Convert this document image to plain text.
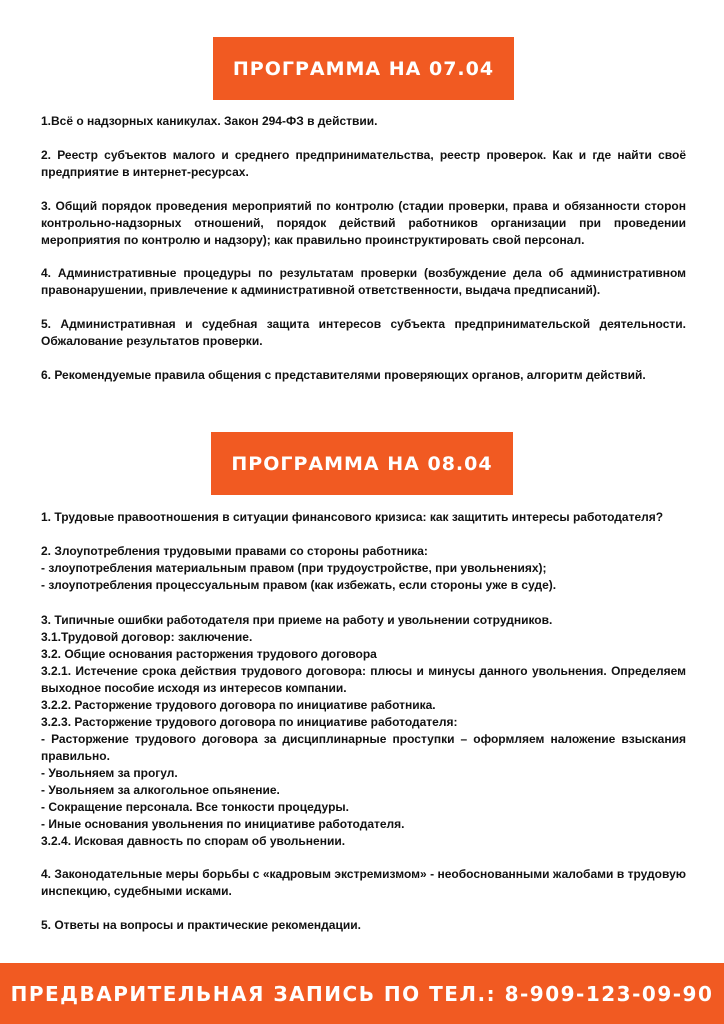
ПРОГРАММА НА 07.04

1.Всё о надзорных каникулах. Закон 294-ФЗ в действии.

2. Реестр субъектов малого и среднего предпринимательства, реестр проверок. Как и где найти своё предприятие в интернет-ресурсах.

3. Общий порядок проведения мероприятий по контролю (стадии проверки, права и обязанности сторон контрольно-надзорных отношений, порядок действий работников организации при проведении мероприятия по контролю и надзору); как правильно проинструктировать свой персонал.

4. Административные процедуры по результатам проверки (возбуждение дела об административном правонарушении, привлечение к административной ответственности, выдача предписаний).

5. Административная и судебная защита интересов субъекта предпринимательской деятельности. Обжалование результатов проверки.

6. Рекомендуемые правила общения с представителями проверяющих органов, алгоритм действий.

ПРОГРАММА НА 08.04

1. Трудовые правоотношения в ситуации финансового кризиса: как защитить интересы работодателя?

2. Злоупотребления трудовыми правами со стороны работника:

- злоупотребления материальным правом (при трудоустройстве, при увольнениях);

- злоупотребления процессуальным правом (как избежать, если стороны уже в суде).

3. Типичные ошибки работодателя при приеме на работу и увольнении сотрудников.

3.1.Трудовой договор: заключение.

3.2. Общие основания расторжения трудового договора

3.2.1. Истечение срока действия трудового договора: плюсы и минусы данного увольнения. Определяем выходное пособие исходя из интересов компании.

3.2.2. Расторжение трудового договора по инициативе работника.

3.2.3. Расторжение трудового договора по инициативе работодателя:

- Расторжение трудового договора за дисциплинарные проступки – оформляем наложение взыскания правильно.

- Увольняем за прогул.

- Увольняем за алкогольное опьянение.

- Сокращение персонала. Все тонкости процедуры.

- Иные основания увольнения по инициативе работодателя.

3.2.4. Исковая давность по спорам об увольнении.

4. Законодательные меры борьбы с «кадровым экстремизмом» - необоснованными жалобами в трудовую инспекцию, судебными исками.

5. Ответы на вопросы и практические рекомендации.

ПРЕДВАРИТЕЛЬНАЯ ЗАПИСЬ ПО ТЕЛ.: 8-909-123-09-90
